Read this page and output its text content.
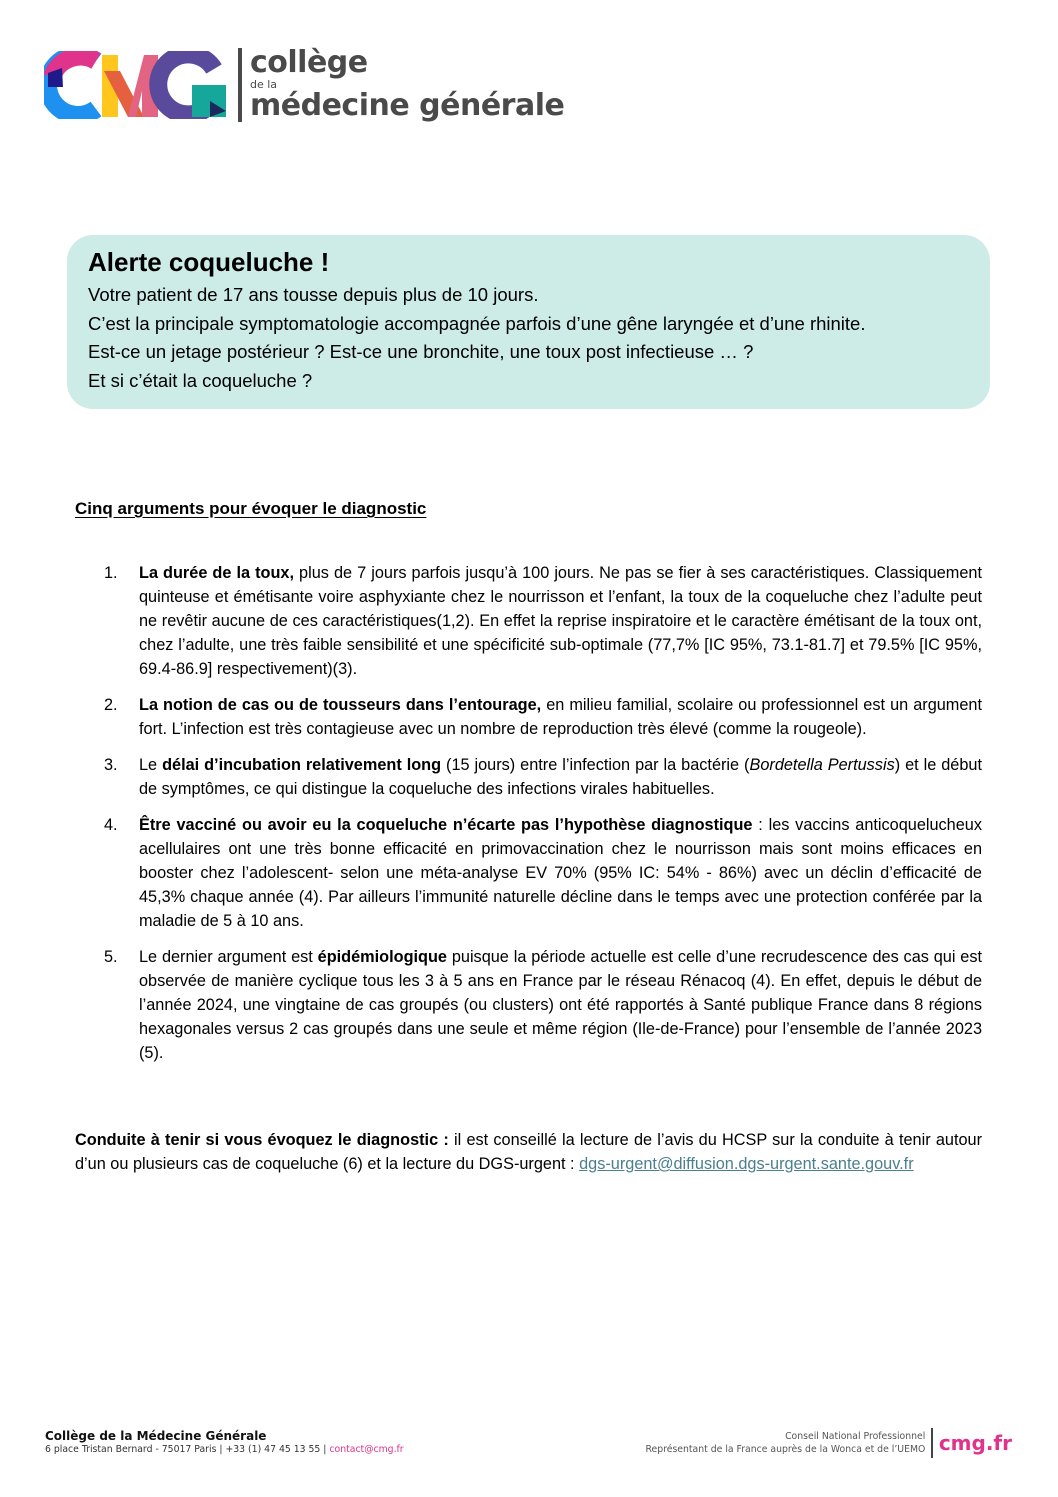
collège
de la
médecine générale
Alerte coqueluche !
Votre patient de 17 ans tousse depuis plus de 10 jours.
C’est la principale symptomatologie accompagnée parfois d’une gêne laryngée et d’une rhinite.
Est-ce un jetage postérieur ? Est-ce une bronchite, une toux post infectieuse … ?
Et si c’était la coqueluche ?
Cinq arguments pour évoquer le diagnostic
1.	La durée de la toux, plus de 7 jours parfois jusqu’à 100 jours. Ne pas se fier à ses caractéristiques. Classiquement quinteuse et émétisante voire asphyxiante chez le nourrisson et l’enfant, la toux de la coqueluche chez l’adulte peut ne revêtir aucune de ces caractéristiques(1,2). En effet la reprise inspiratoire et le caractère émétisant de la toux ont, chez l’adulte, une très faible sensibilité et une spécificité sub-optimale (77,7% [IC 95%, 73.1-81.7] et 79.5% [IC 95%, 69.4-86.9] respectivement)(3).
2.	La notion de cas ou de tousseurs dans l’entourage, en milieu familial, scolaire ou professionnel est un argument fort. L’infection est très contagieuse avec un nombre de reproduction très élevé (comme la rougeole).
3.	Le délai d’incubation relativement long (15 jours) entre l’infection par la bactérie (Bordetella Pertussis) et le début de symptômes, ce qui distingue la coqueluche des infections virales habituelles.
4.	Être vacciné ou avoir eu la coqueluche n’écarte pas l’hypothèse diagnostique : les vaccins anticoquelucheux acellulaires ont une très bonne efficacité en primovaccination chez le nourrisson mais sont moins efficaces en booster chez l’adolescent- selon une méta-analyse EV 70% (95% IC: 54% - 86%) avec un déclin d’efficacité de 45,3% chaque année (4). Par ailleurs l’immunité naturelle décline dans le temps avec une protection conférée par la maladie de 5 à 10 ans.
5.	Le dernier argument est épidémiologique puisque la période actuelle est celle d’une recrudescence des cas qui est observée de manière cyclique tous les 3 à 5 ans en France par le réseau Rénacoq (4). En effet, depuis le début de l’année 2024, une vingtaine de cas groupés (ou clusters) ont été rapportés à Santé publique France dans 8 régions hexagonales versus 2 cas groupés dans une seule et même région (Ile-de-France) pour l’ensemble de l’année 2023 (5).

Conduite à tenir si vous évoquez le diagnostic : il est conseillé la lecture de l’avis du HCSP sur la conduite à tenir autour d’un ou plusieurs cas de coqueluche (6) et la lecture du DGS-urgent : dgs-urgent@diffusion.dgs-urgent.sante.gouv.fr

Collège de la Médecine Générale
6 place Tristan Bernard - 75017 Paris | +33 (1) 47 45 13 55 | contact@cmg.fr
Conseil National Professionnel
Représentant de la France auprès de la Wonca et de l’UEMO cmg.fr
